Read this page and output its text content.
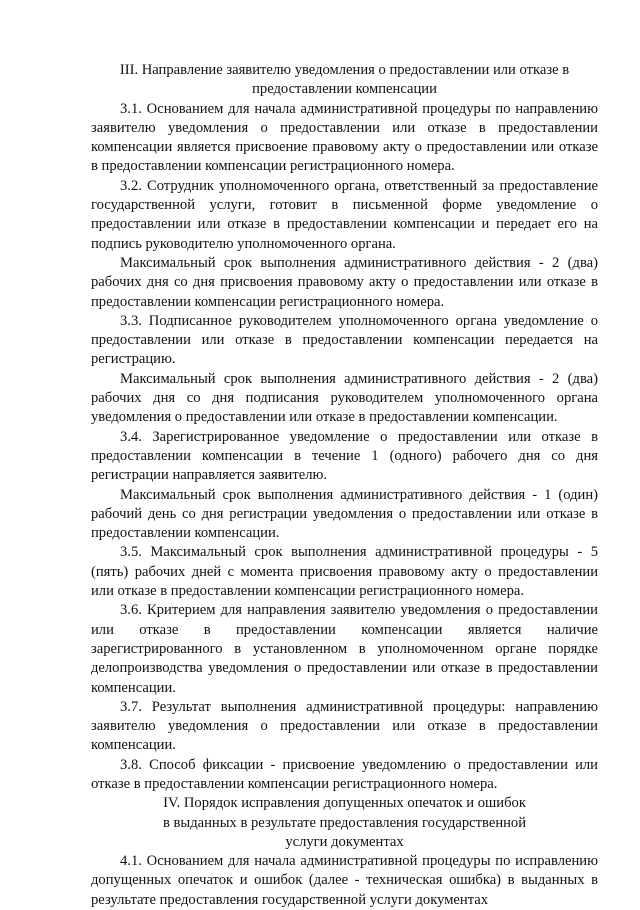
III. Направление заявителю уведомления о предоставлении или отказе в
предоставлении компенсации

3.1. Основанием для начала административной процедуры по направлению заявителю уведомления о предоставлении или отказе в предоставлении компенсации является присвоение правовому акту о предоставлении или отказе в предоставлении компенсации регистрационного номера.

3.2. Сотрудник уполномоченного органа, ответственный за предоставление государственной услуги, готовит в письменной форме уведомление о предоставлении или отказе в предоставлении компенсации и передает его на подпись руководителю уполномоченного органа.

Максимальный срок выполнения административного действия - 2 (два) рабочих дня со дня присвоения правовому акту о предоставлении или отказе в предоставлении компенсации регистрационного номера.

3.3. Подписанное руководителем уполномоченного органа уведомление о предоставлении или отказе в предоставлении компенсации передается на регистрацию.

Максимальный срок выполнения административного действия - 2 (два) рабочих дня со дня подписания руководителем уполномоченного органа уведомления о предоставлении или отказе в предоставлении компенсации.

3.4. Зарегистрированное уведомление о предоставлении или отказе в предоставлении компенсации в течение 1 (одного) рабочего дня со дня регистрации направляется заявителю.

Максимальный срок выполнения административного действия - 1 (один) рабочий день со дня регистрации уведомления о предоставлении или отказе в предоставлении компенсации.

3.5. Максимальный срок выполнения административной процедуры - 5 (пять) рабочих дней с момента присвоения правовому акту о предоставлении или отказе в предоставлении компенсации регистрационного номера.

3.6. Критерием для направления заявителю уведомления о предоставлении или отказе в предоставлении компенсации является наличие зарегистрированного в установленном в уполномоченном органе порядке делопроизводства уведомления о предоставлении или отказе в предоставлении компенсации.

3.7. Результат выполнения административной процедуры: направлению заявителю уведомления о предоставлении или отказе в предоставлении компенсации.

3.8. Способ фиксации - присвоение уведомлению о предоставлении или отказе в предоставлении компенсации регистрационного номера.

IV. Порядок исправления допущенных опечаток и ошибок
в выданных в результате предоставления государственной
услуги документах

4.1. Основанием для начала административной процедуры по исправлению допущенных опечаток и ошибок (далее - техническая ошибка) в выданных в результате предоставления государственной услуги документах
